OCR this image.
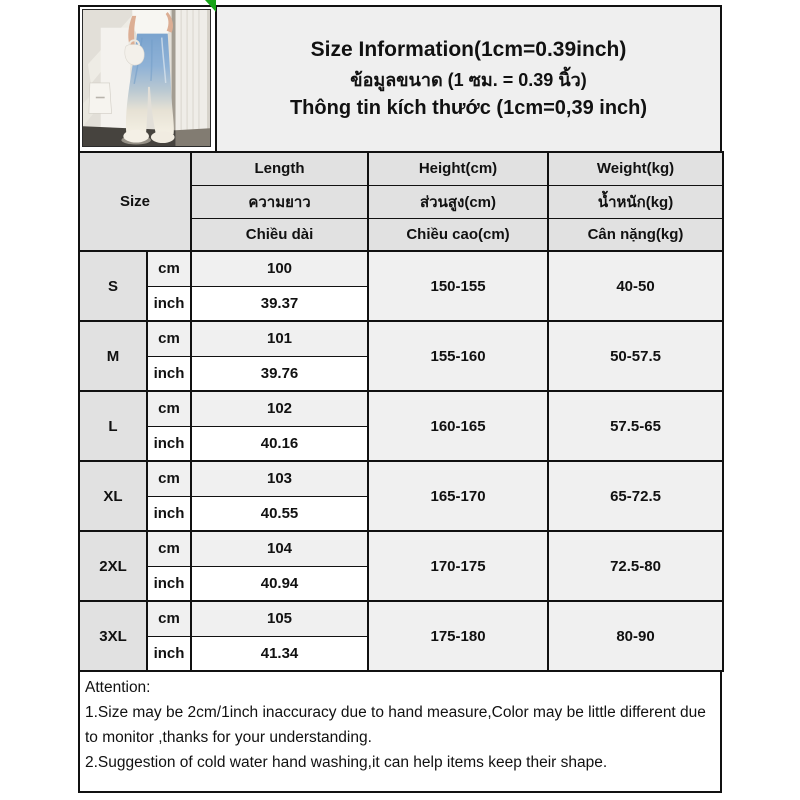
Size Information(1cm=0.39inch)
ข้อมูลขนาด (1 ซม. = 0.39 นิ้ว)
Thông tin kích thước (1cm=0,39 inch)
Size		Length	Height(cm)	Weight(kg)
		ความยาว	ส่วนสูง(cm)	น้ำหนัก(kg)
		Chiều dài	Chiều cao(cm)	Cân nặng(kg)
S	cm	100	150-155	40-50
	inch	39.37		
M	cm	101	155-160	50-57.5
	inch	39.76		
L	cm	102	160-165	57.5-65
	inch	40.16		
XL	cm	103	165-170	65-72.5
	inch	40.55		
2XL	cm	104	170-175	72.5-80
	inch	40.94		
3XL	cm	105	175-180	80-90
	inch	41.34		
Attention:
1.Size may be 2cm/1inch inaccuracy due to hand measure,Color may be little different due to monitor ,thanks for your understanding.
2.Suggestion of cold water hand washing,it can help items keep their shape.
